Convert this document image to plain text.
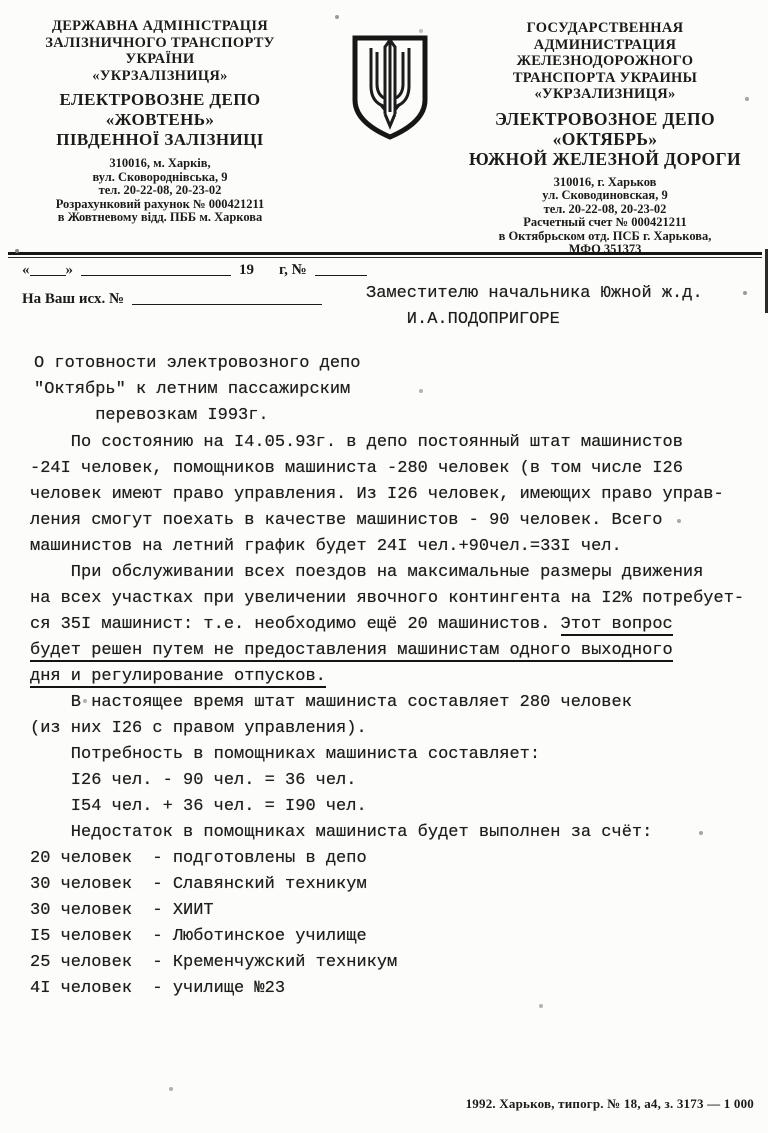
ДЕРЖАВНА АДМІНІСТРАЦІЯ
ЗАЛІЗНИЧНОГО ТРАНСПОРТУ
УКРАЇНИ
«УКРЗАЛІЗНИЦЯ»
ЕЛЕКТРОВОЗНЕ ДЕПО
«ЖОВТЕНЬ»
ПІВДЕННОЇ ЗАЛІЗНИЦІ
310016, м. Харків,
вул. Сковороднівська, 9
тел. 20-22-08, 20-23-02
Розрахунковий рахунок № 000421211
в Жовтневому відд. ПББ м. Харкова
ГОСУДАРСТВЕННАЯ
АДМИНИСТРАЦИЯ
ЖЕЛЕЗНОДОРОЖНОГО
ТРАНСПОРТА УКРАИНЫ
«УКРЗАЛИЗНИЦЯ»
ЭЛЕКТРОВОЗНОЕ ДЕПО
«ОКТЯБРЬ»
ЮЖНОЙ ЖЕЛЕЗНОЙ ДОРОГИ
310016, г. Харьков
ул. Сководиновская, 9
тел. 20-22-08, 20-23-02
Расчетный счет № 000421211
в Октябрьском отд. ПСБ г. Харькова,
МФО 351373
« »	19 г, №
На Ваш исх. №	Заместителю начальника Южной ж.д.
И.А.ПОДОПРИГОРЕ
О готовности электровозного депо
"Октябрь" к летним пассажирским
перевозкам I993г.
По состоянию на I4.05.93г. в депо постоянный штат машинистов
-24I человек, помощников машиниста -280 человек (в том числе I26
человек имеют право управления. Из I26 человек, имеющих право управ-
ления смогут поехать в качестве машинистов - 90 человек. Всего
машинистов на летний график будет 24I чел.+90чел.=33I чел.
При обслуживании всех поездов на максимальные размеры движения
на всех участках при увеличении явочного контингента на I2% потребует-
ся 35I машинист: т.е. необходимо ещё 20 машинистов. Этот вопрос
будет решен путем не предоставления машинистам одного выходного
дня и регулирование отпусков.
В настоящее время штат машиниста составляет 280 человек
(из них I26 с правом управления).
Потребность в помощниках машиниста составляет:
I26 чел. - 90 чел. = 36 чел.
I54 чел. + 36 чел. = I90 чел.
Недостаток в помощниках машиниста будет выполнен за счёт:
20 человек  - подготовлены в депо
30 человек  - Славянский техникум
30 человек  - ХИИТ
I5 человек  - Люботинское училище
25 человек  - Кременчужский техникум
4I человек  - училище №23
1992. Харьков, типогр. № 18, а4, з. 3173 — 1 000
